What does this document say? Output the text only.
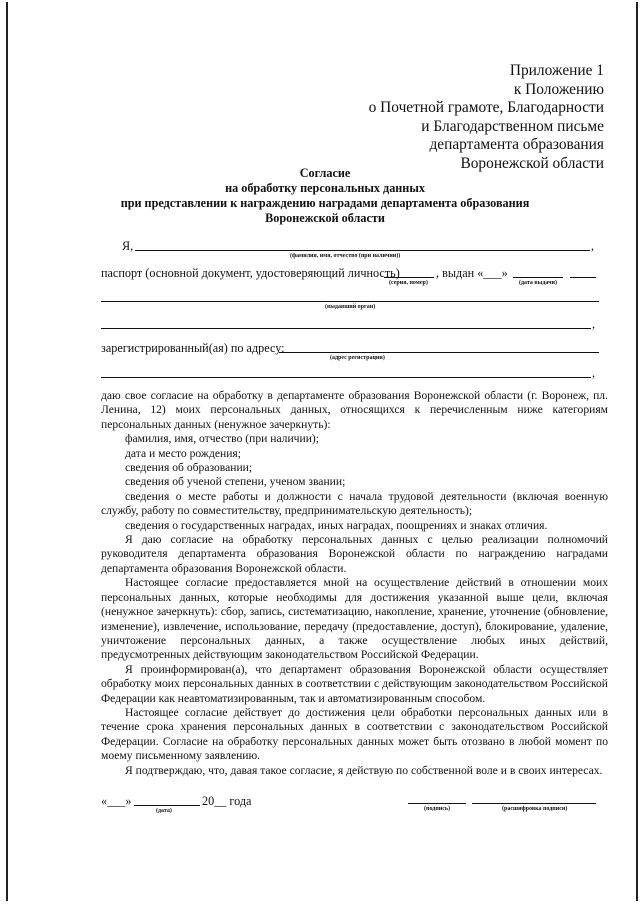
Приложение 1
к Положению
о Почетной грамоте, Благодарности
и Благодарственном письме
департамента образования
Воронежской области
Согласие
на обработку персональных данных
при представлении к награждению наградами департамента образования
Воронежской области
Я,	,
(фамилия, имя, отчество (при наличии))
паспорт (основной документ, удостоверяющий личность)
(серия, номер)
, выдан «___»
(дата выдачи)
(выдавший орган)
,
зарегистрированный(ая) по адресу:
(адрес регистрации)
,

даю свое согласие на обработку в департаменте образования Воронежской области (г. Воронеж, пл. Ленина, 12) моих персональных данных, относящихся к перечисленным ниже категориям персональных данных (ненужное зачеркнуть):

фамилия, имя, отчество (при наличии);

дата и место рождения;

сведения об образовании;

сведения об ученой степени, ученом звании;

сведения о месте работы и должности с начала трудовой деятельности (включая военную службу, работу по совместительству, предпринимательскую деятельность);

сведения о государственных наградах, иных наградах, поощрениях и знаках отличия.

Я даю согласие на обработку персональных данных с целью реализации полномочий руководителя департамента образования Воронежской области по награждению наградами департамента образования Воронежской области.

Настоящее согласие предоставляется мной на осуществление действий в отношении моих персональных данных, которые необходимы для достижения указанной выше цели, включая (ненужное зачеркнуть): сбор, запись, систематизацию, накопление, хранение, уточнение (обновление, изменение), извлечение, использование, передачу (предоставление, доступ), блокирование, удаление, уничтожение персональных данных, а также осуществление любых иных действий, предусмотренных действующим законодательством Российской Федерации.

Я проинформирован(а), что департамент образования Воронежской области осуществляет обработку моих персональных данных в соответствии с действующим законодательством Российской Федерации как неавтоматизированным, так и автоматизированным способом.

Настоящее согласие действует до достижения цели обработки персональных данных или в течение срока хранения персональных данных в соответствии с законодательством Российской Федерации. Согласие на обработку персональных данных может быть отозвано в любой момент по моему письменному заявлению.

Я подтверждаю, что, давая такое согласие, я действую по собственной воле и в своих интересах.

«___»	20__ года
(дата)	(подпись)	(расшифровка подписи)
